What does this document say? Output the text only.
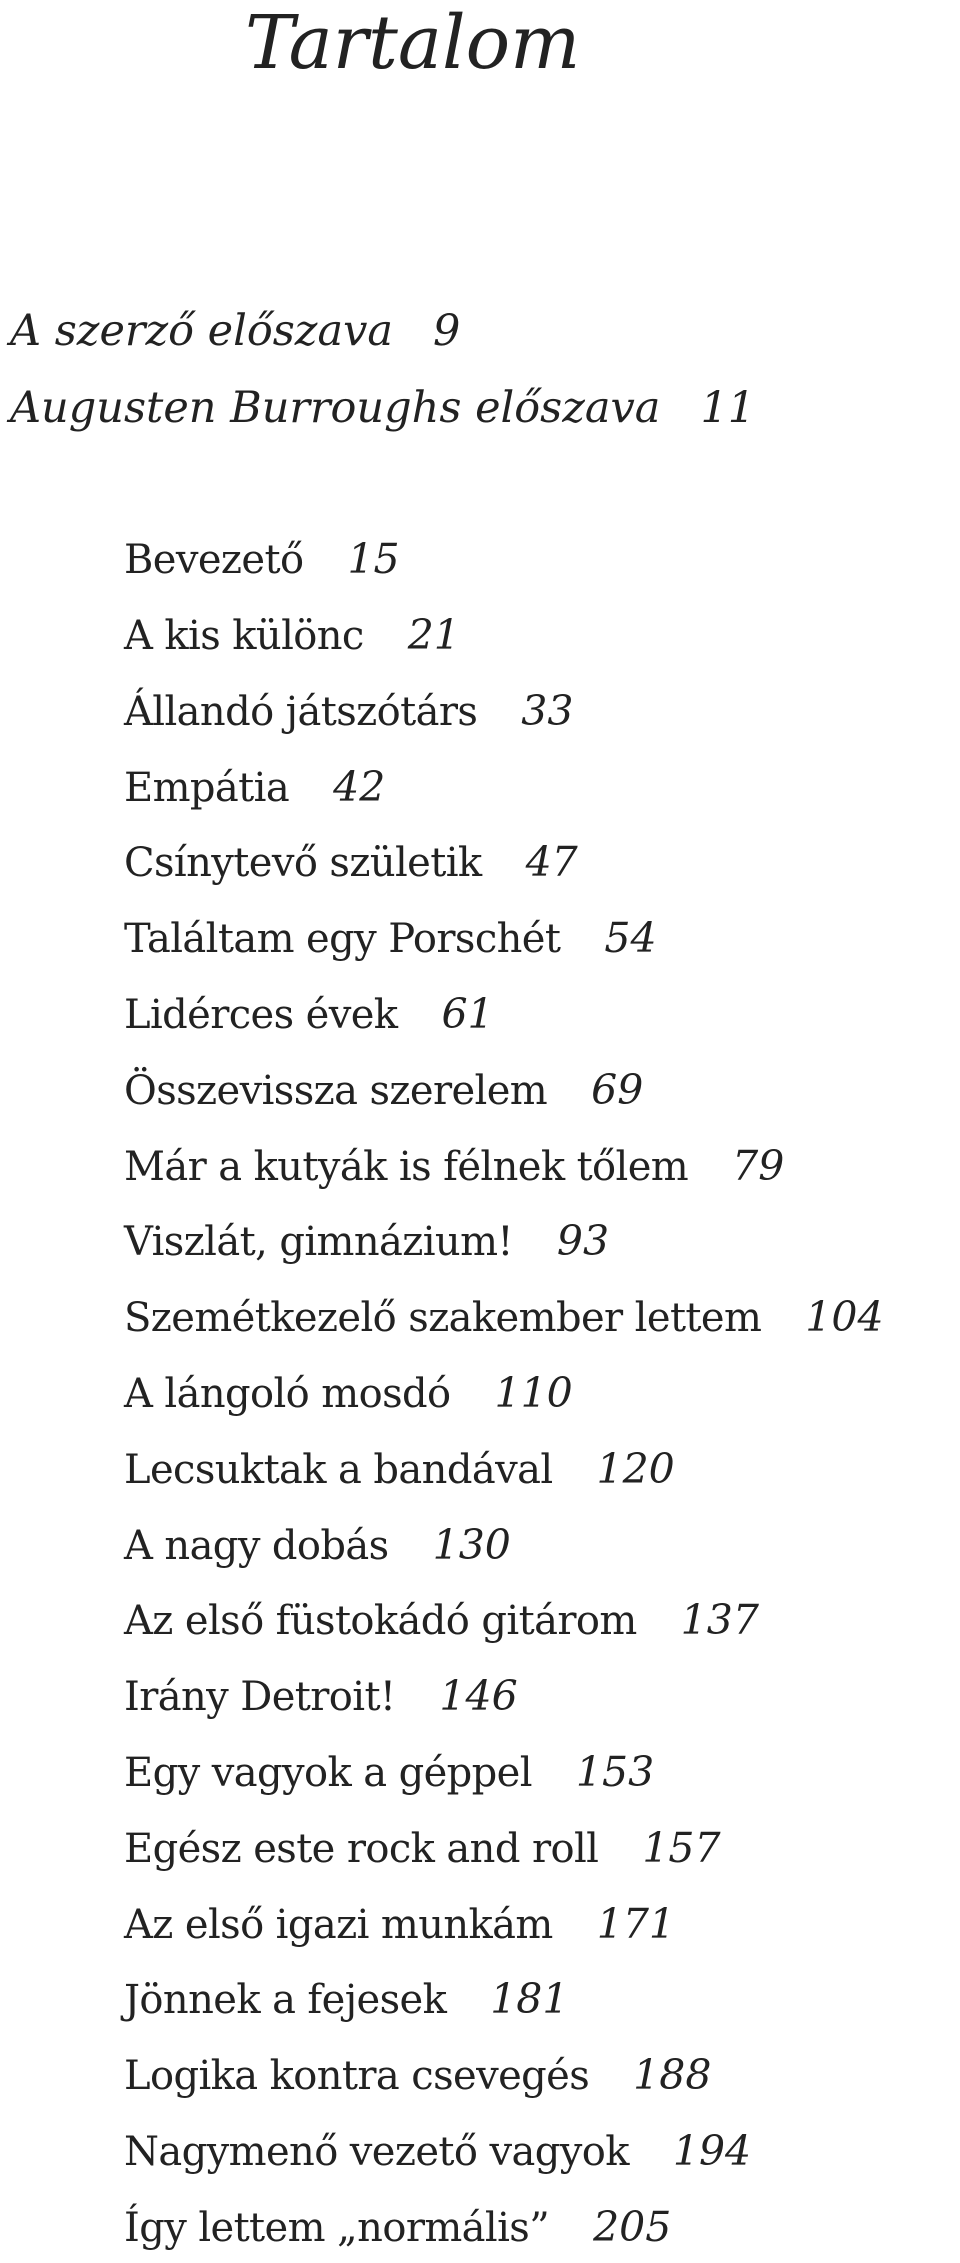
Tartalom
A szerző előszava 9
Augusten Burroughs előszava 11
Bevezető 15
A kis különc 21
Állandó játszótárs 33
Empátia 42
Csínytevő születik 47
Találtam egy Porschét 54
Lidérces évek 61
Összevissza szerelem 69
Már a kutyák is félnek tőlem 79
Viszlát, gimnázium! 93
Szemétkezelő szakember lettem 104
A lángoló mosdó 110
Lecsuktak a bandával 120
A nagy dobás 130
Az első füstokádó gitárom 137
Irány Detroit! 146
Egy vagyok a géppel 153
Egész este rock and roll 157
Az első igazi munkám 171
Jönnek a fejesek 181
Logika kontra csevegés 188
Nagymenő vezető vagyok 194
Így lettem „normális” 205
